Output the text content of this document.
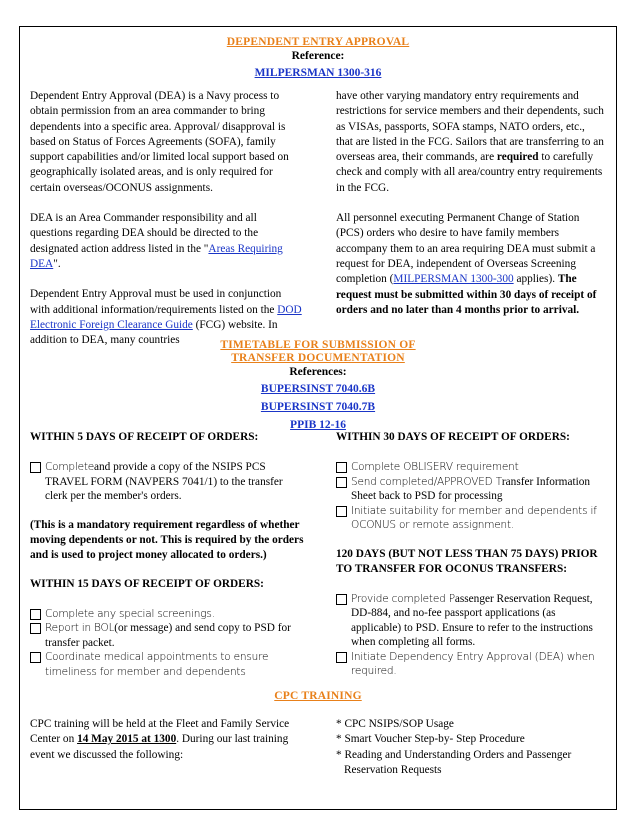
DEPENDENT ENTRY APPROVAL
Reference:
MILPERSMAN 1300-316

Dependent Entry Approval (DEA) is a Navy process to obtain permission from an area commander to bring dependents into a specific area. Approval/ disapproval is based on Status of Forces Agreements (SOFA), family support capabilities and/or limited local support based on geographically isolated areas, and is only required for certain overseas/OCONUS assignments.

DEA is an Area Commander responsibility and all questions regarding DEA should be directed to the designated action address listed in the "Areas Requiring DEA".

Dependent Entry Approval must be used in conjunction with additional information/requirements listed on the DOD Electronic Foreign Clearance Guide (FCG) website. In addition to DEA, many countries

have other varying mandatory entry requirements and restrictions for service members and their dependents, such as VISAs, passports, SOFA stamps, NATO orders, etc., that are listed in the FCG. Sailors that are transferring to an overseas area, their commands, are required to carefully check and comply with all area/country entry requirements in the FCG.

All personnel executing Permanent Change of Station (PCS) orders who desire to have family members accompany them to an area requiring DEA must submit a request for DEA, independent of Overseas Screening completion (MILPERSMAN 1300-300 applies). The request must be submitted within 30 days of receipt of orders and no later than 4 months prior to arrival.

TIMETABLE FOR SUBMISSION OF
TRANSFER DOCUMENTATION
References:
BUPERSINST 7040.6B
BUPERSINST 7040.7B
PPIB 12-16
WITHIN 5 DAYS OF RECEIPT OF ORDERS:
Completeand provide a copy of the NSIPS PCS TRAVEL FORM (NAVPERS 7041/1) to the transfer clerk per the member's orders.
(This is a mandatory requirement regardless of whether moving dependents or not. This is required by the orders and is used to project money allocated to orders.)
WITHIN 15 DAYS OF RECEIPT OF ORDERS:
Complete any special screenings.
Report in BOL(or message) and send copy to PSD for transfer packet.
Coordinate medical appointments to ensure timeliness for member and dependents
WITHIN 30 DAYS OF RECEIPT OF ORDERS:
Complete OBLISERV requirement
Send completed/APPROVED Transfer Information Sheet back to PSD for processing
Initiate suitability for member and dependents if OCONUS or remote assignment.
120 DAYS (BUT NOT LESS THAN 75 DAYS) PRIOR TO TRANSFER FOR OCONUS TRANSFERS:
Provide completed Passenger Reservation Request, DD-884, and no-fee passport applications (as applicable) to PSD. Ensure to refer to the instructions when completing all forms.
Initiate Dependency Entry Approval (DEA) when required.
CPC TRAINING
CPC training will be held at the Fleet and Family Service Center on 14 May 2015 at 1300. During our last training event we discussed the following:
* CPC NSIPS/SOP Usage
* Smart Voucher Step-by- Step Procedure
* Reading and Understanding Orders and Passenger Reservation Requests
